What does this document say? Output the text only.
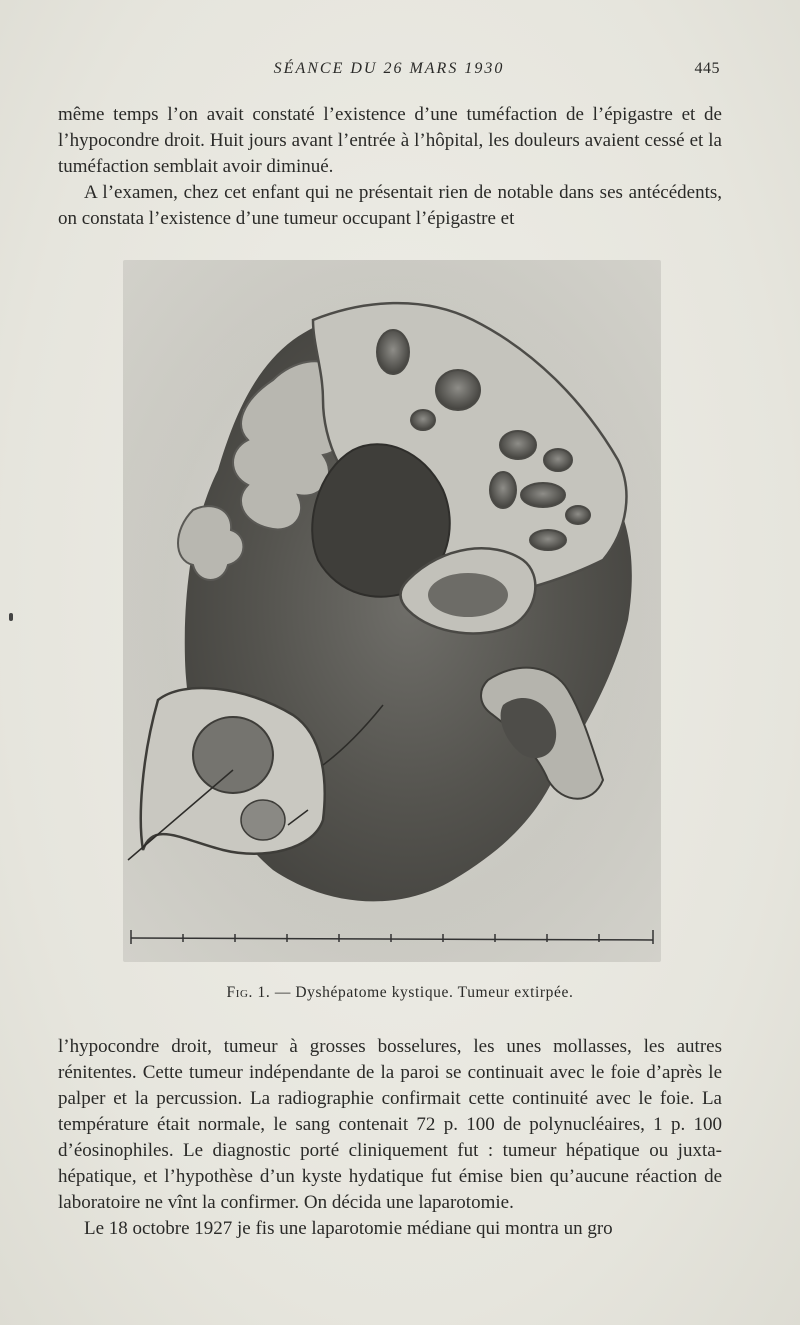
SÉANCE DU 26 MARS 1930	445

même temps l’on avait constaté l’existence d’une tuméfaction de l’épigastre et de l’hypocondre droit. Huit jours avant l’entrée à l’hôpital, les douleurs avaient cessé et la tuméfaction semblait avoir diminué.

A l’examen, chez cet enfant qui ne présentait rien de notable dans ses antécédents, on constata l’existence d’une tumeur occupant l’épigastre et

Fig. 1. — Dyshépatome kystique. Tumeur extirpée.

l’hypocondre droit, tumeur à grosses bosselures, les unes mollasses, les autres rénitentes. Cette tumeur indépendante de la paroi se continuait avec le foie d’après le palper et la percussion. La radiographie confirmait cette continuité avec le foie. La température était normale, le sang contenait 72 p. 100 de polynucléaires, 1 p. 100 d’éosinophiles. Le diagnostic porté cliniquement fut : tumeur hépatique ou juxta-hépatique, et l’hypothèse d’un kyste hydatique fut émise bien qu’aucune réaction de laboratoire ne vînt la confirmer. On décida une laparotomie.

Le 18 octobre 1927 je fis une laparotomie médiane qui montra un gro
